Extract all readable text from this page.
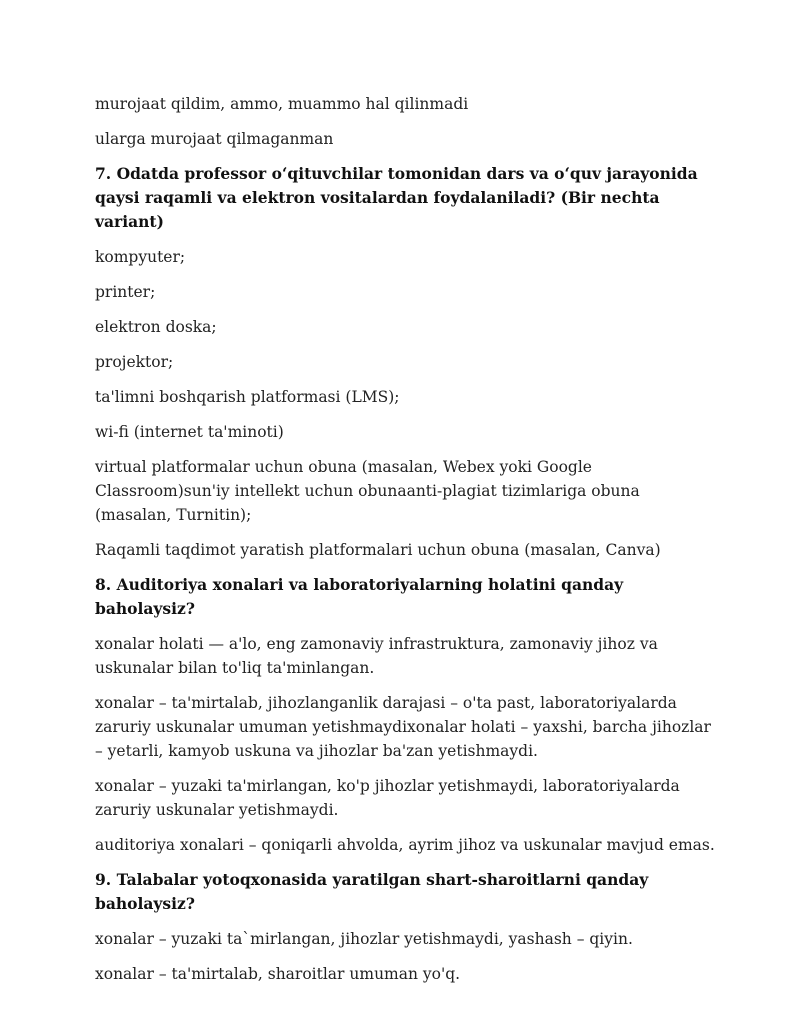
murojaat qildim, ammo, muammo hal qilinmadi

ularga murojaat qilmaganman

7. Odatda professor o‘qituvchilar tomonidan dars va o‘quv jarayonida qaysi raqamli va elektron vositalardan foydalaniladi? (Bir nechta variant)

kompyuter;

printer;

elektron doska;

projektor;

ta'limni boshqarish platformasi (LMS);

wi-fi (internet ta'minoti)

virtual platformalar uchun obuna (masalan, Webex yoki Google Classroom)sun'iy intellekt uchun obunaanti-plagiat tizimlariga obuna (masalan, Turnitin);

Raqamli taqdimot yaratish platformalari uchun obuna (masalan, Canva)

8. Auditoriya xonalari va laboratoriyalarning holatini qanday baholaysiz?

xonalar holati — a'lo, eng zamonaviy infrastruktura, zamonaviy jihoz va uskunalar bilan to'liq ta'minlangan.

xonalar – ta'mirtalab, jihozlanganlik darajasi – o'ta past, laboratoriyalarda zaruriy uskunalar umuman yetishmaydixonalar holati – yaxshi, barcha jihozlar – yetarli, kamyob uskuna va jihozlar ba'zan yetishmaydi.

xonalar – yuzaki ta'mirlangan, ko'p jihozlar yetishmaydi, laboratoriyalarda zaruriy uskunalar yetishmaydi.

auditoriya xonalari – qoniqarli ahvolda, ayrim jihoz va uskunalar mavjud emas.

9. Talabalar yotoqxonasida yaratilgan shart-sharoitlarni qanday baholaysiz?

xonalar – yuzaki ta`mirlangan, jihozlar yetishmaydi, yashash – qiyin.

xonalar – ta'mirtalab, sharoitlar umuman yo'q.
